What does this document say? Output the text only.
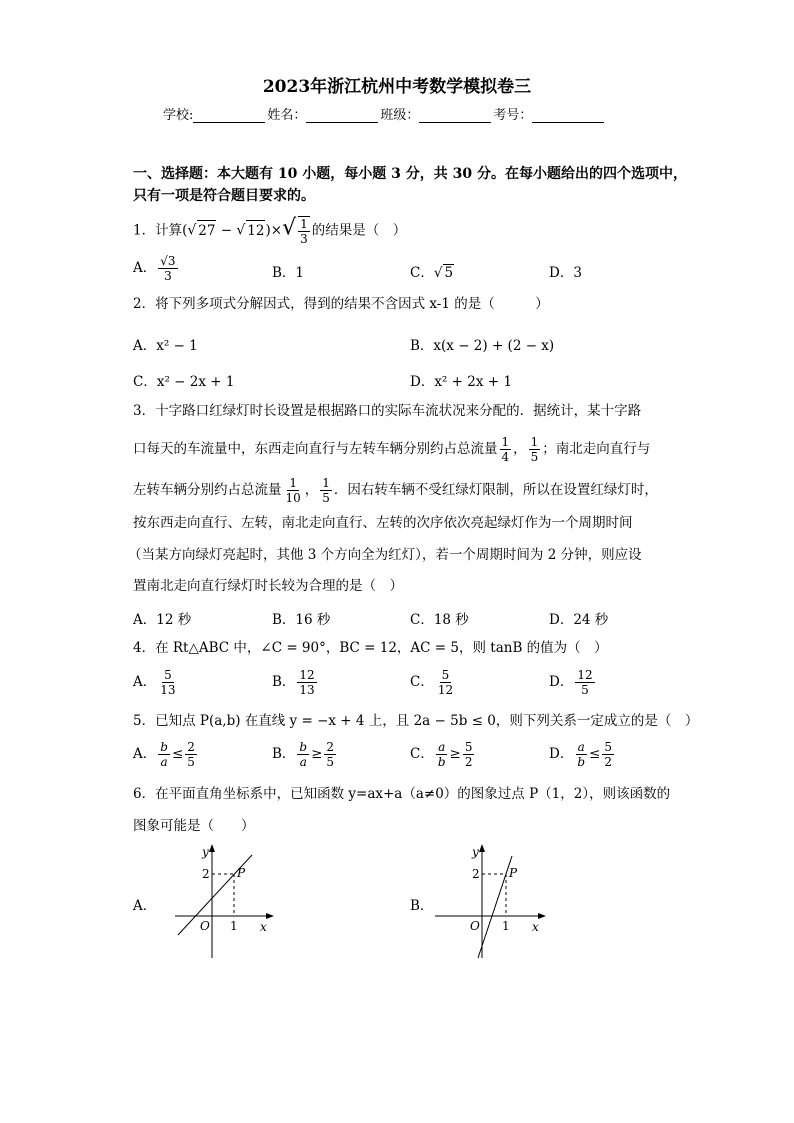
2023年浙江杭州中考数学模拟卷三
学校:	姓名：	班级：	考号：
一、选择题：本大题有 10 小题，每小题 3 分，共 30 分。在每小题给出的四个选项中，
只有一项是符合题目要求的。
1．计算(√ 27 − √ $12)\times√ \frac{1}{3}$ 的结果是（　）
A． $\frac{√3}{3}$	B．1	C．√ 5	D．3
2．将下列多项式分解因式，得到的结果不含因式 x-1 的是（　　　）
A．x² − 1	B．x(x − 2) + (2 − x)
C．x² − 2x + 1	D．x² + 2x + 1
3．十字路口红绿灯时长设置是根据路口的实际车流状况来分配的．据统计，某十字路
口每天的车流量中，东西走向直行与左转车辆分别约占总流量 $\frac{1}{4}$ ， $\frac{1}{5}$ ；南北走向直行与
左转车辆分别约占总流量 $\frac{1}{10}$ ， $\frac{1}{5}$ ．因右转车辆不受红绿灯限制，所以在设置红绿灯时，
按东西走向直行、左转，南北走向直行、左转的次序依次亮起绿灯作为一个周期时间
（当某方向绿灯亮起时，其他 3 个方向全为红灯），若一个周期时间为 2 分钟，则应设
置南北走向直行绿灯时长较为合理的是（　）
A．12 秒	B．16 秒	C．18 秒	D．24 秒
4．在 Rt△ABC 中，∠C = 90°，BC = 12，AC = 5，则 tanB 的值为（　）
A． $\frac{5}{13}$	B． $\frac{12}{13}$	C． $\frac{5}{12}$	D． $\frac{12}{5}$
5．已知点 P(a,b) 在直线 y = −x + 4 上，且 2a − 5b ≤ 0，则下列关系一定成立的是（　）
A． $\frac{b}{a} \le \frac{2}{5}$	B． $\frac{b}{a} \ge \frac{2}{5}$	C． $\frac{a}{b} \ge \frac{5}{2}$	D． $\frac{a}{b} \le \frac{5}{2}$
6．在平面直角坐标系中，已知函数 y=ax+a（a≠0）的图象过点 P（1，2），则该函数的
图象可能是（　　）
A．
y
x
O
2
1
P
B．
y
x
O
2
1
P
